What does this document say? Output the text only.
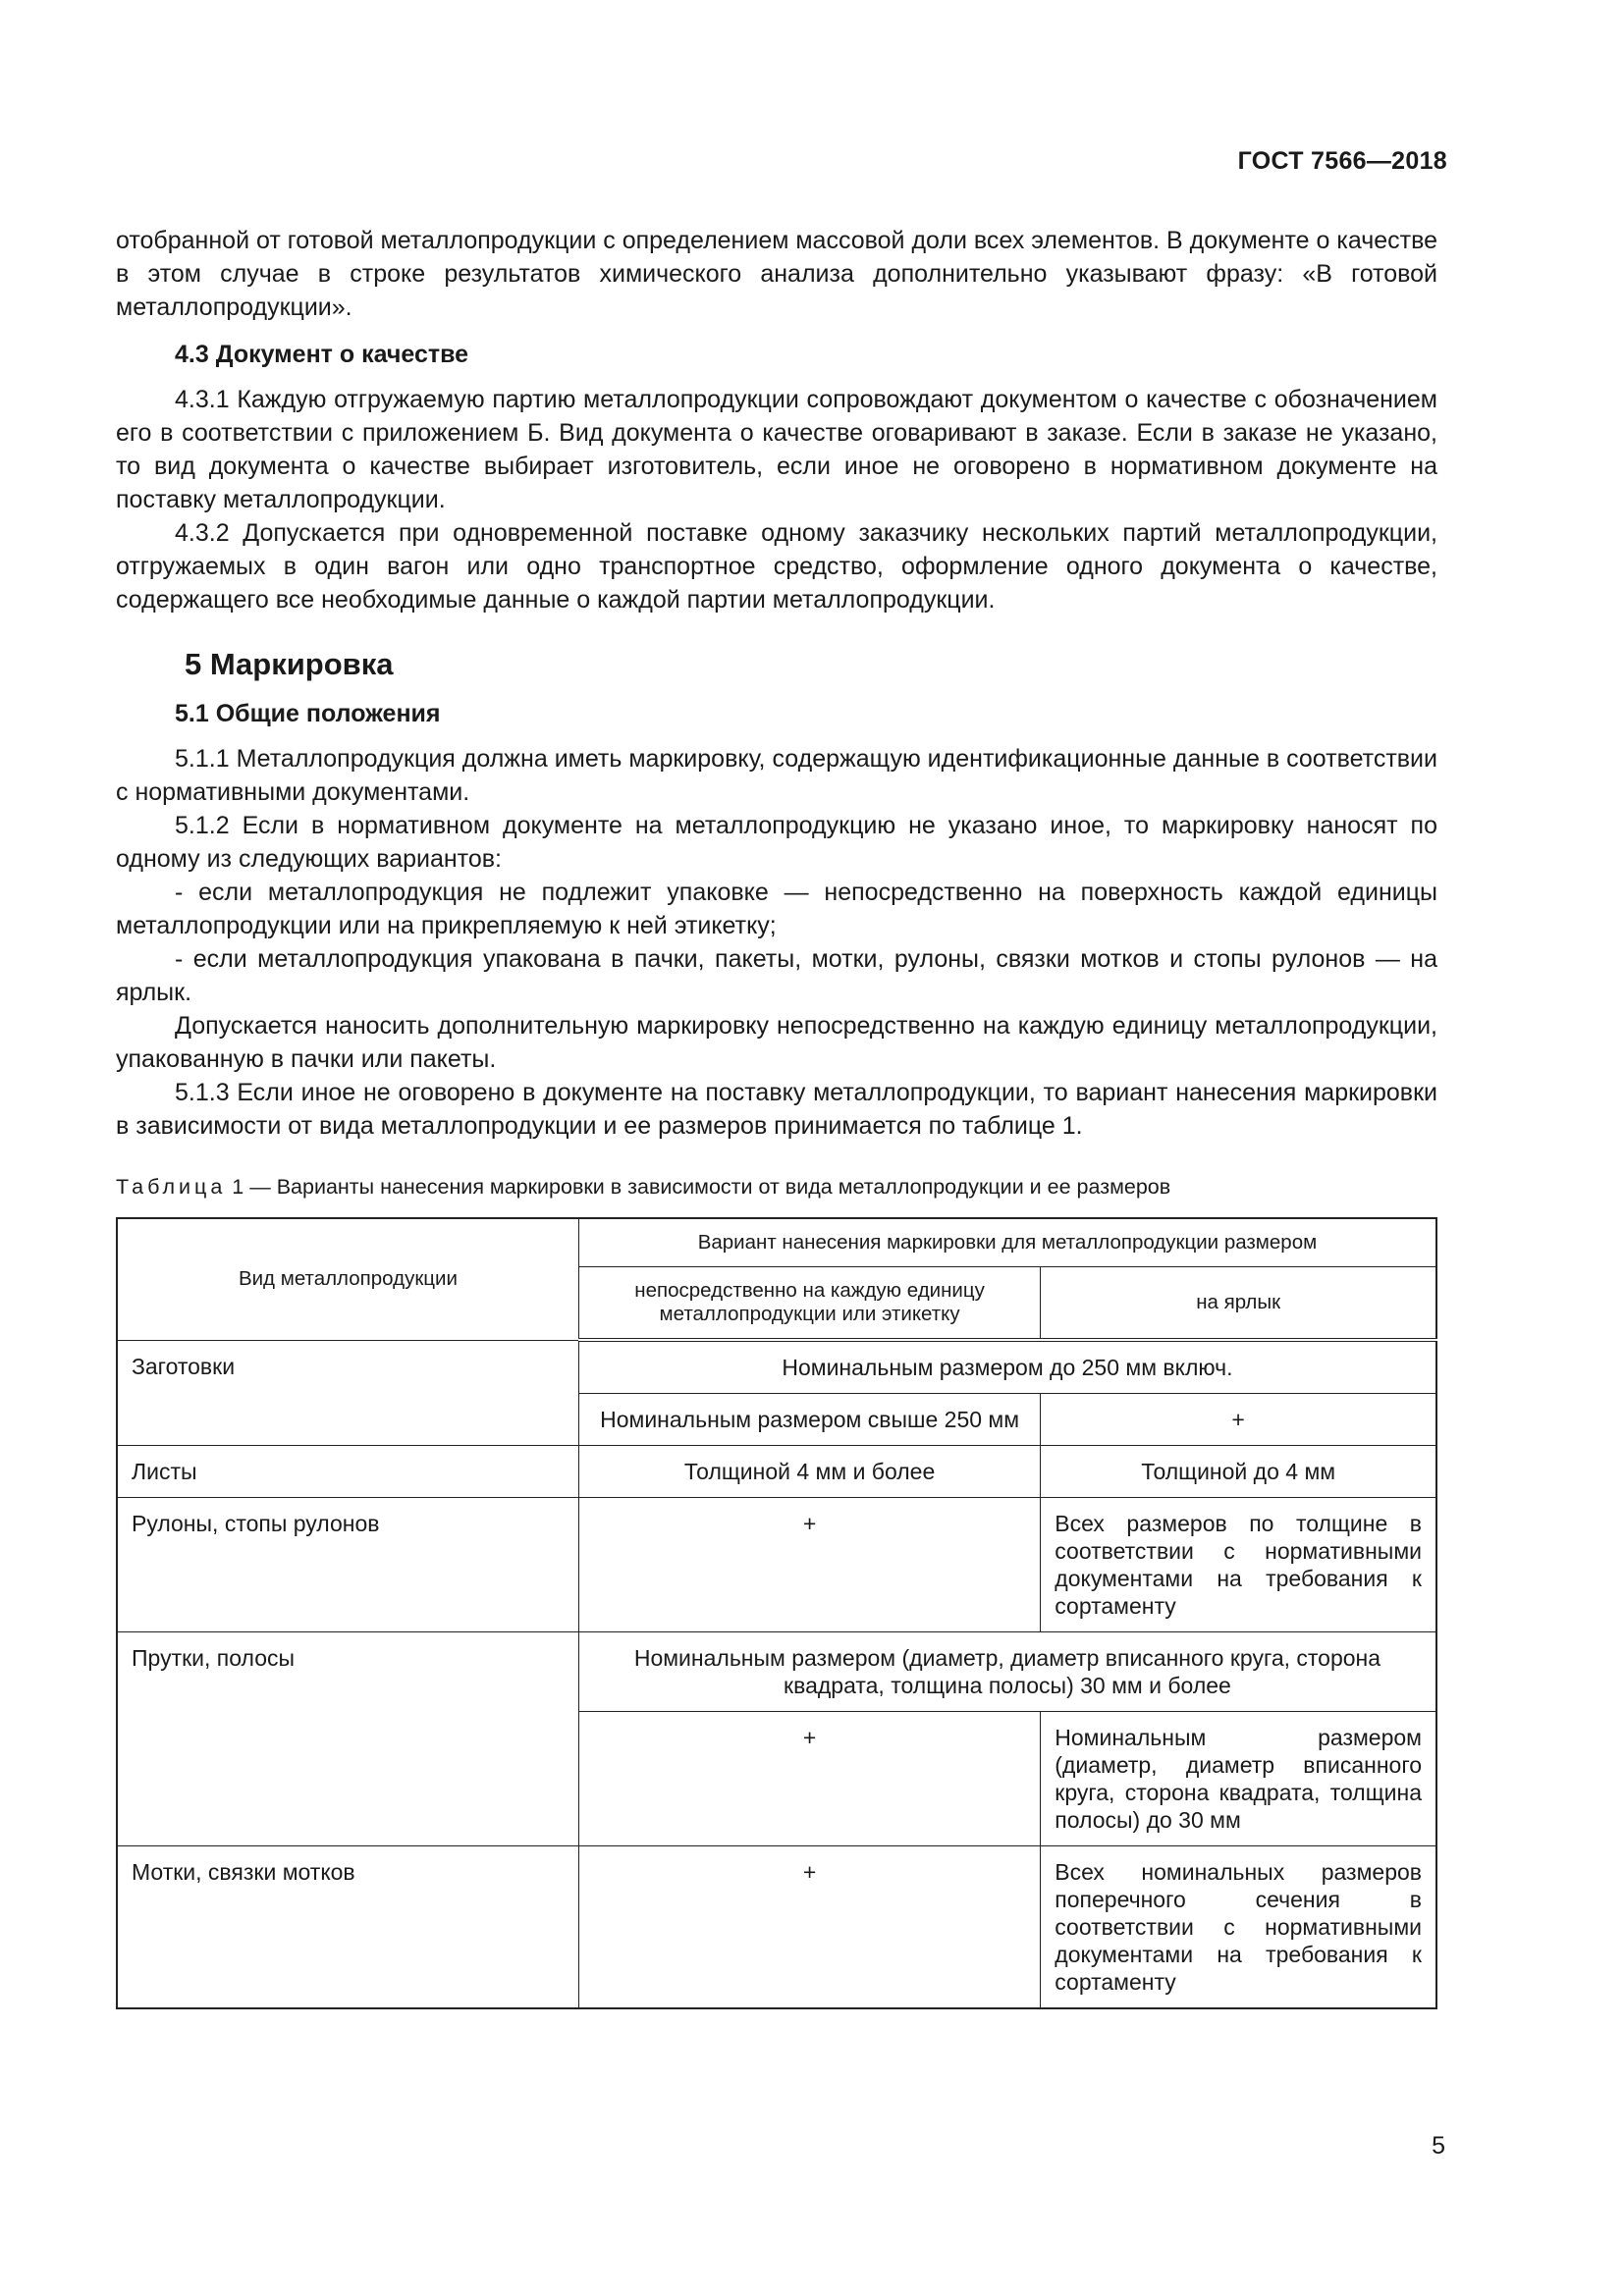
ГОСТ 7566—2018

отобранной от готовой металлопродукции с определением массовой доли всех элементов. В документе о качестве в этом случае в строке результатов химического анализа дополнительно указывают фразу: «В готовой металлопродукции».

4.3 Документ о качестве

4.3.1 Каждую отгружаемую партию металлопродукции сопровождают документом о качестве с обозначением его в соответствии с приложением Б. Вид документа о качестве оговаривают в заказе. Если в заказе не указано, то вид документа о качестве выбирает изготовитель, если иное не оговорено в нормативном документе на поставку металлопродукции.

4.3.2 Допускается при одновременной поставке одному заказчику нескольких партий металлопродукции, отгружаемых в один вагон или одно транспортное средство, оформление одного документа о качестве, содержащего все необходимые данные о каждой партии металлопродукции.

5 Маркировка
5.1 Общие положения

5.1.1 Металлопродукция должна иметь маркировку, содержащую идентификационные данные в соответствии с нормативными документами.

5.1.2 Если в нормативном документе на металлопродукцию не указано иное, то маркировку наносят по одному из следующих вариантов:

- если металлопродукция не подлежит упаковке — непосредственно на поверхность каждой единицы металлопродукции или на прикрепляемую к ней этикетку;

- если металлопродукция упакована в пачки, пакеты, мотки, рулоны, связки мотков и стопы рулонов — на ярлык.

Допускается наносить дополнительную маркировку непосредственно на каждую единицу металлопродукции, упакованную в пачки или пакеты.

5.1.3 Если иное не оговорено в документе на поставку металлопродукции, то вариант нанесения маркировки в зависимости от вида металлопродукции и ее размеров принимается по таблице 1.

Таблица 1 — Варианты нанесения маркировки в зависимости от вида металлопродукции и ее размеров
Вид металлопродукции	Вариант нанесения маркировки для металлопродукции размером	
	непосредственно на каждую единицу металлопродукции или этикетку	на ярлык
Заготовки	Номинальным размером до 250 мм включ.	
	Номинальным размером свыше 250 мм	+
Листы	Толщиной 4 мм и более	Толщиной до 4 мм
Рулоны, стопы рулонов	+	Всех размеров по толщине в соответствии с нормативными документами на требования к сортаменту
Прутки, полосы	Номинальным размером (диаметр, диаметр вписанного круга, сторона квадрата, толщина полосы) 30 мм и более	
	+	Номинальным размером (диаметр, диаметр вписанного круга, сторона квадрата, толщина полосы) до 30 мм
Мотки, связки мотков	+	Всех номинальных размеров поперечного сечения в соответствии с нормативными документами на требования к сортаменту
5
